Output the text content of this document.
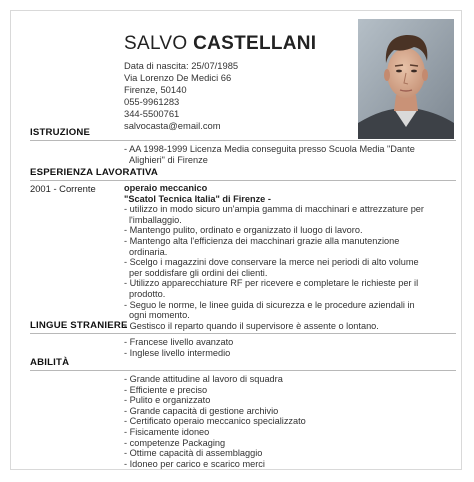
SALVO CASTELLANI
Data di nascita: 25/07/1985
Via Lorenzo De Medici 66
Firenze, 50140
055-9961283
344-5500761
salvocasta@email.com
ISTRUZIONE
- AA 1998-1999 Licenza Media conseguita presso Scuola Media "Dante
Alighieri" di Firenze
ESPERIENZA LAVORATIVA
2001 - Corrente	operaio meccanico
"Scatol Tecnica Italia" di Firenze -
- utilizzo in modo sicuro un'ampia gamma di macchinari e attrezzature per
l'imballaggio.
- Mantengo pulito, ordinato e organizzato il luogo di lavoro.
- Mantengo alta l'efficienza dei macchinari grazie alla manutenzione
ordinaria.
- Scelgo i magazzini dove conservare la merce nei periodi di alto volume
per soddisfare gli ordini dei clienti.
- Utilizzo apparecchiature RF per ricevere e completare le richieste per il
prodotto.
- Seguo le norme, le linee guida di sicurezza e le procedure aziendali in
ogni momento.
- Gestisco il reparto quando il supervisore è assente o lontano.
LINGUE STRANIERE
- Francese livello avanzato
- Inglese livello intermedio
ABILITÀ
- Grande attitudine al lavoro di squadra
- Efficiente e preciso
- Pulito e organizzato
- Grande capacità di gestione archivio
- Certificato operaio meccanico specializzato
- Fisicamente idoneo
- competenze Packaging
- Ottime capacità di assemblaggio
- Idoneo per carico e scarico merci
